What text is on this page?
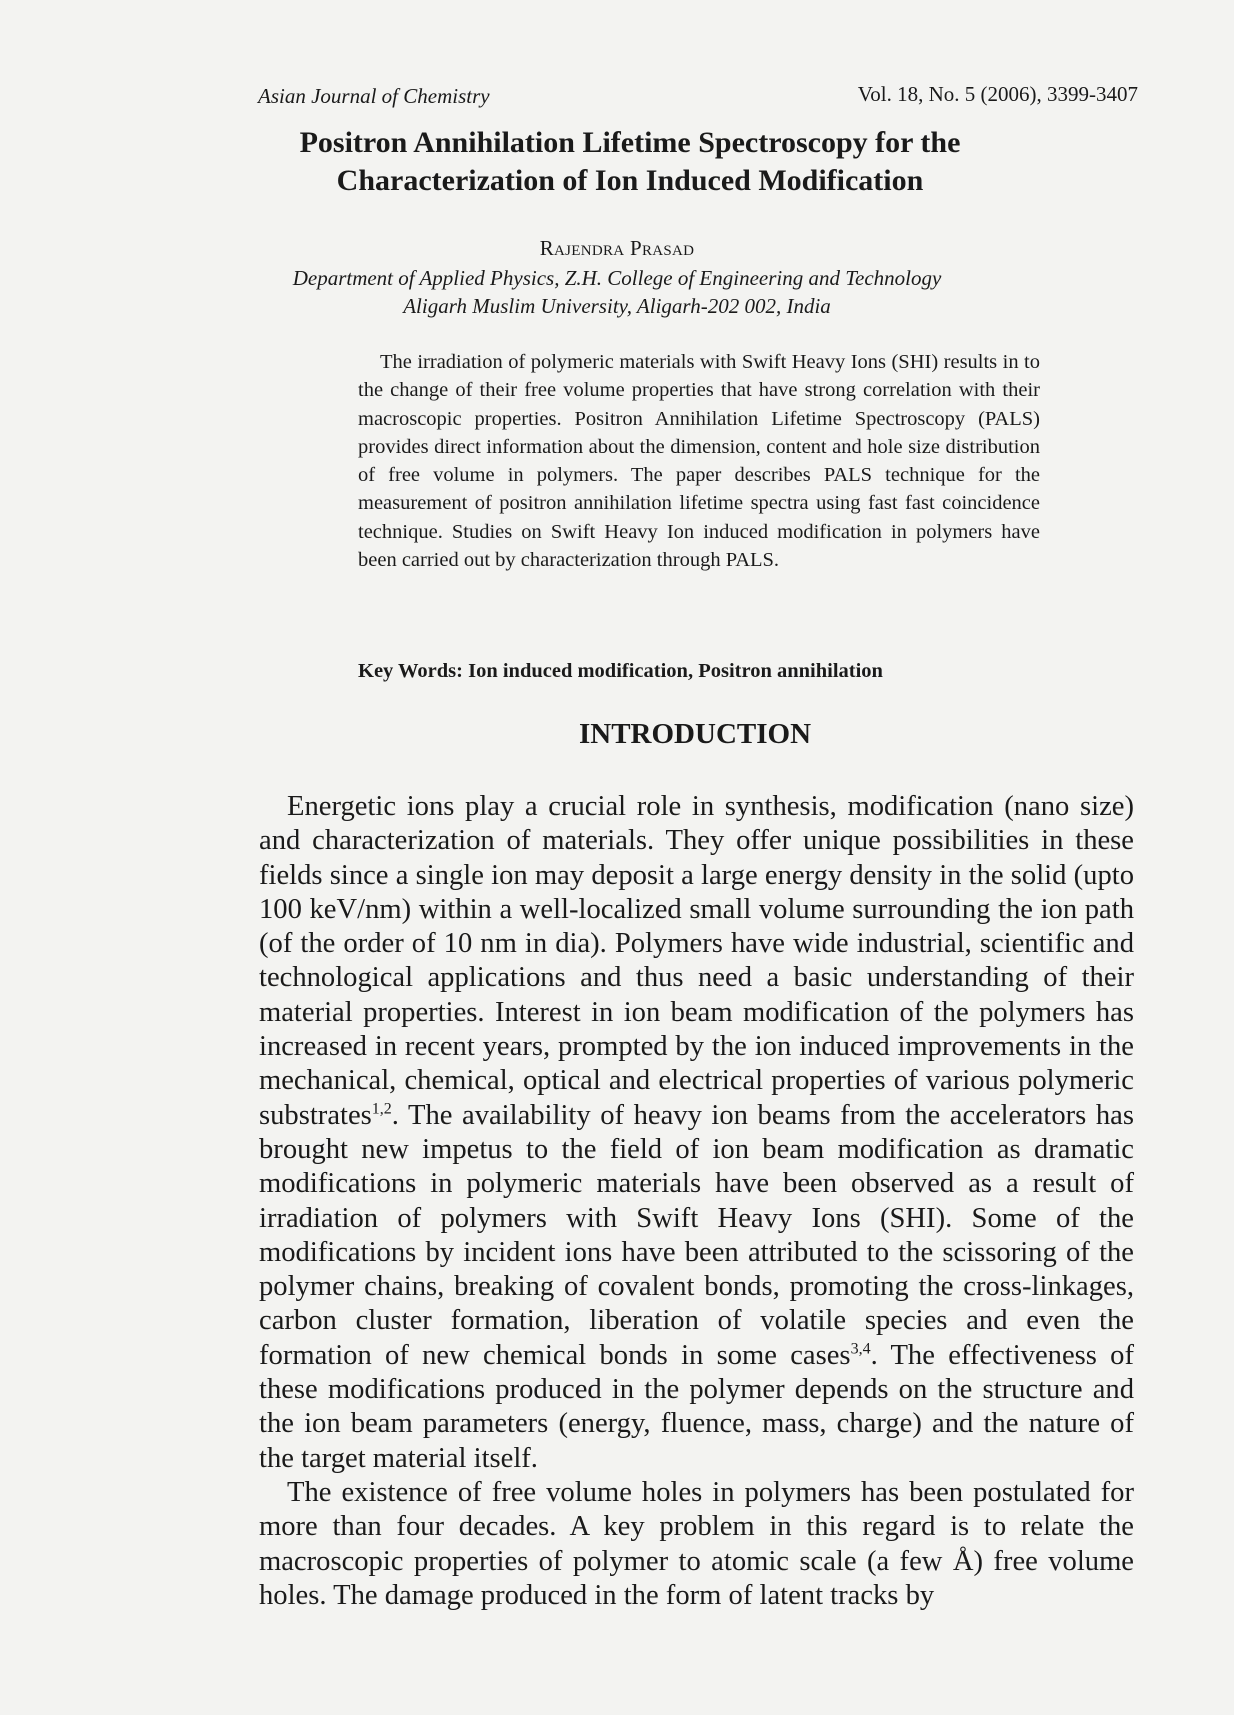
Asian Journal of Chemistry	Vol. 18, No. 5 (2006), 3399-3407
Positron Annihilation Lifetime Spectroscopy for the
Characterization of Ion Induced Modification
Rajendra Prasad
Department of Applied Physics, Z.H. College of Engineering and Technology
Aligarh Muslim University, Aligarh-202 002, India
The irradiation of polymeric materials with Swift Heavy Ions (SHI) results in to the change of their free volume properties that have strong correlation with their macroscopic properties. Positron Annihilation Lifetime Spectroscopy (PALS) provides direct information about the dimension, content and hole size distribution of free volume in polymers. The paper describes PALS technique for the measurement of positron annihilation lifetime spectra using fast fast coincidence technique. Studies on Swift Heavy Ion induced modification in polymers have been carried out by characterization through PALS.
Key Words: Ion induced modification, Positron annihilation
INTRODUCTION

Energetic ions play a crucial role in synthesis, modification (nano size) and characterization of materials. They offer unique possibilities in these fields since a single ion may deposit a large energy density in the solid (upto 100 keV/nm) within a well-localized small volume surrounding the ion path (of the order of 10 nm in dia). Polymers have wide industrial, scientific and technological applications and thus need a basic understanding of their material properties. Interest in ion beam modification of the polymers has increased in recent years, prompted by the ion induced improvements in the mechanical, chemical, optical and electrical properties of various polymeric substrates$^{1,2}$. The availability of heavy ion beams from the accelerators has brought new impetus to the field of ion beam modification as dramatic modifications in polymeric materials have been observed as a result of irradiation of polymers with Swift Heavy Ions (SHI). Some of the modifications by incident ions have been attributed to the scissoring of the polymer chains, breaking of covalent bonds, promoting the cross-linkages, carbon cluster formation, liberation of volatile species and even the formation of new chemical bonds in some cases$^{3,4}$. The effectiveness of these modifications produced in the polymer depends on the structure and the ion beam parameters (energy, fluence, mass, charge) and the nature of the target material itself.

The existence of free volume holes in polymers has been postulated for more than four decades. A key problem in this regard is to relate the macroscopic properties of polymer to atomic scale (a few Å) free volume holes. The damage produced in the form of latent tracks by
